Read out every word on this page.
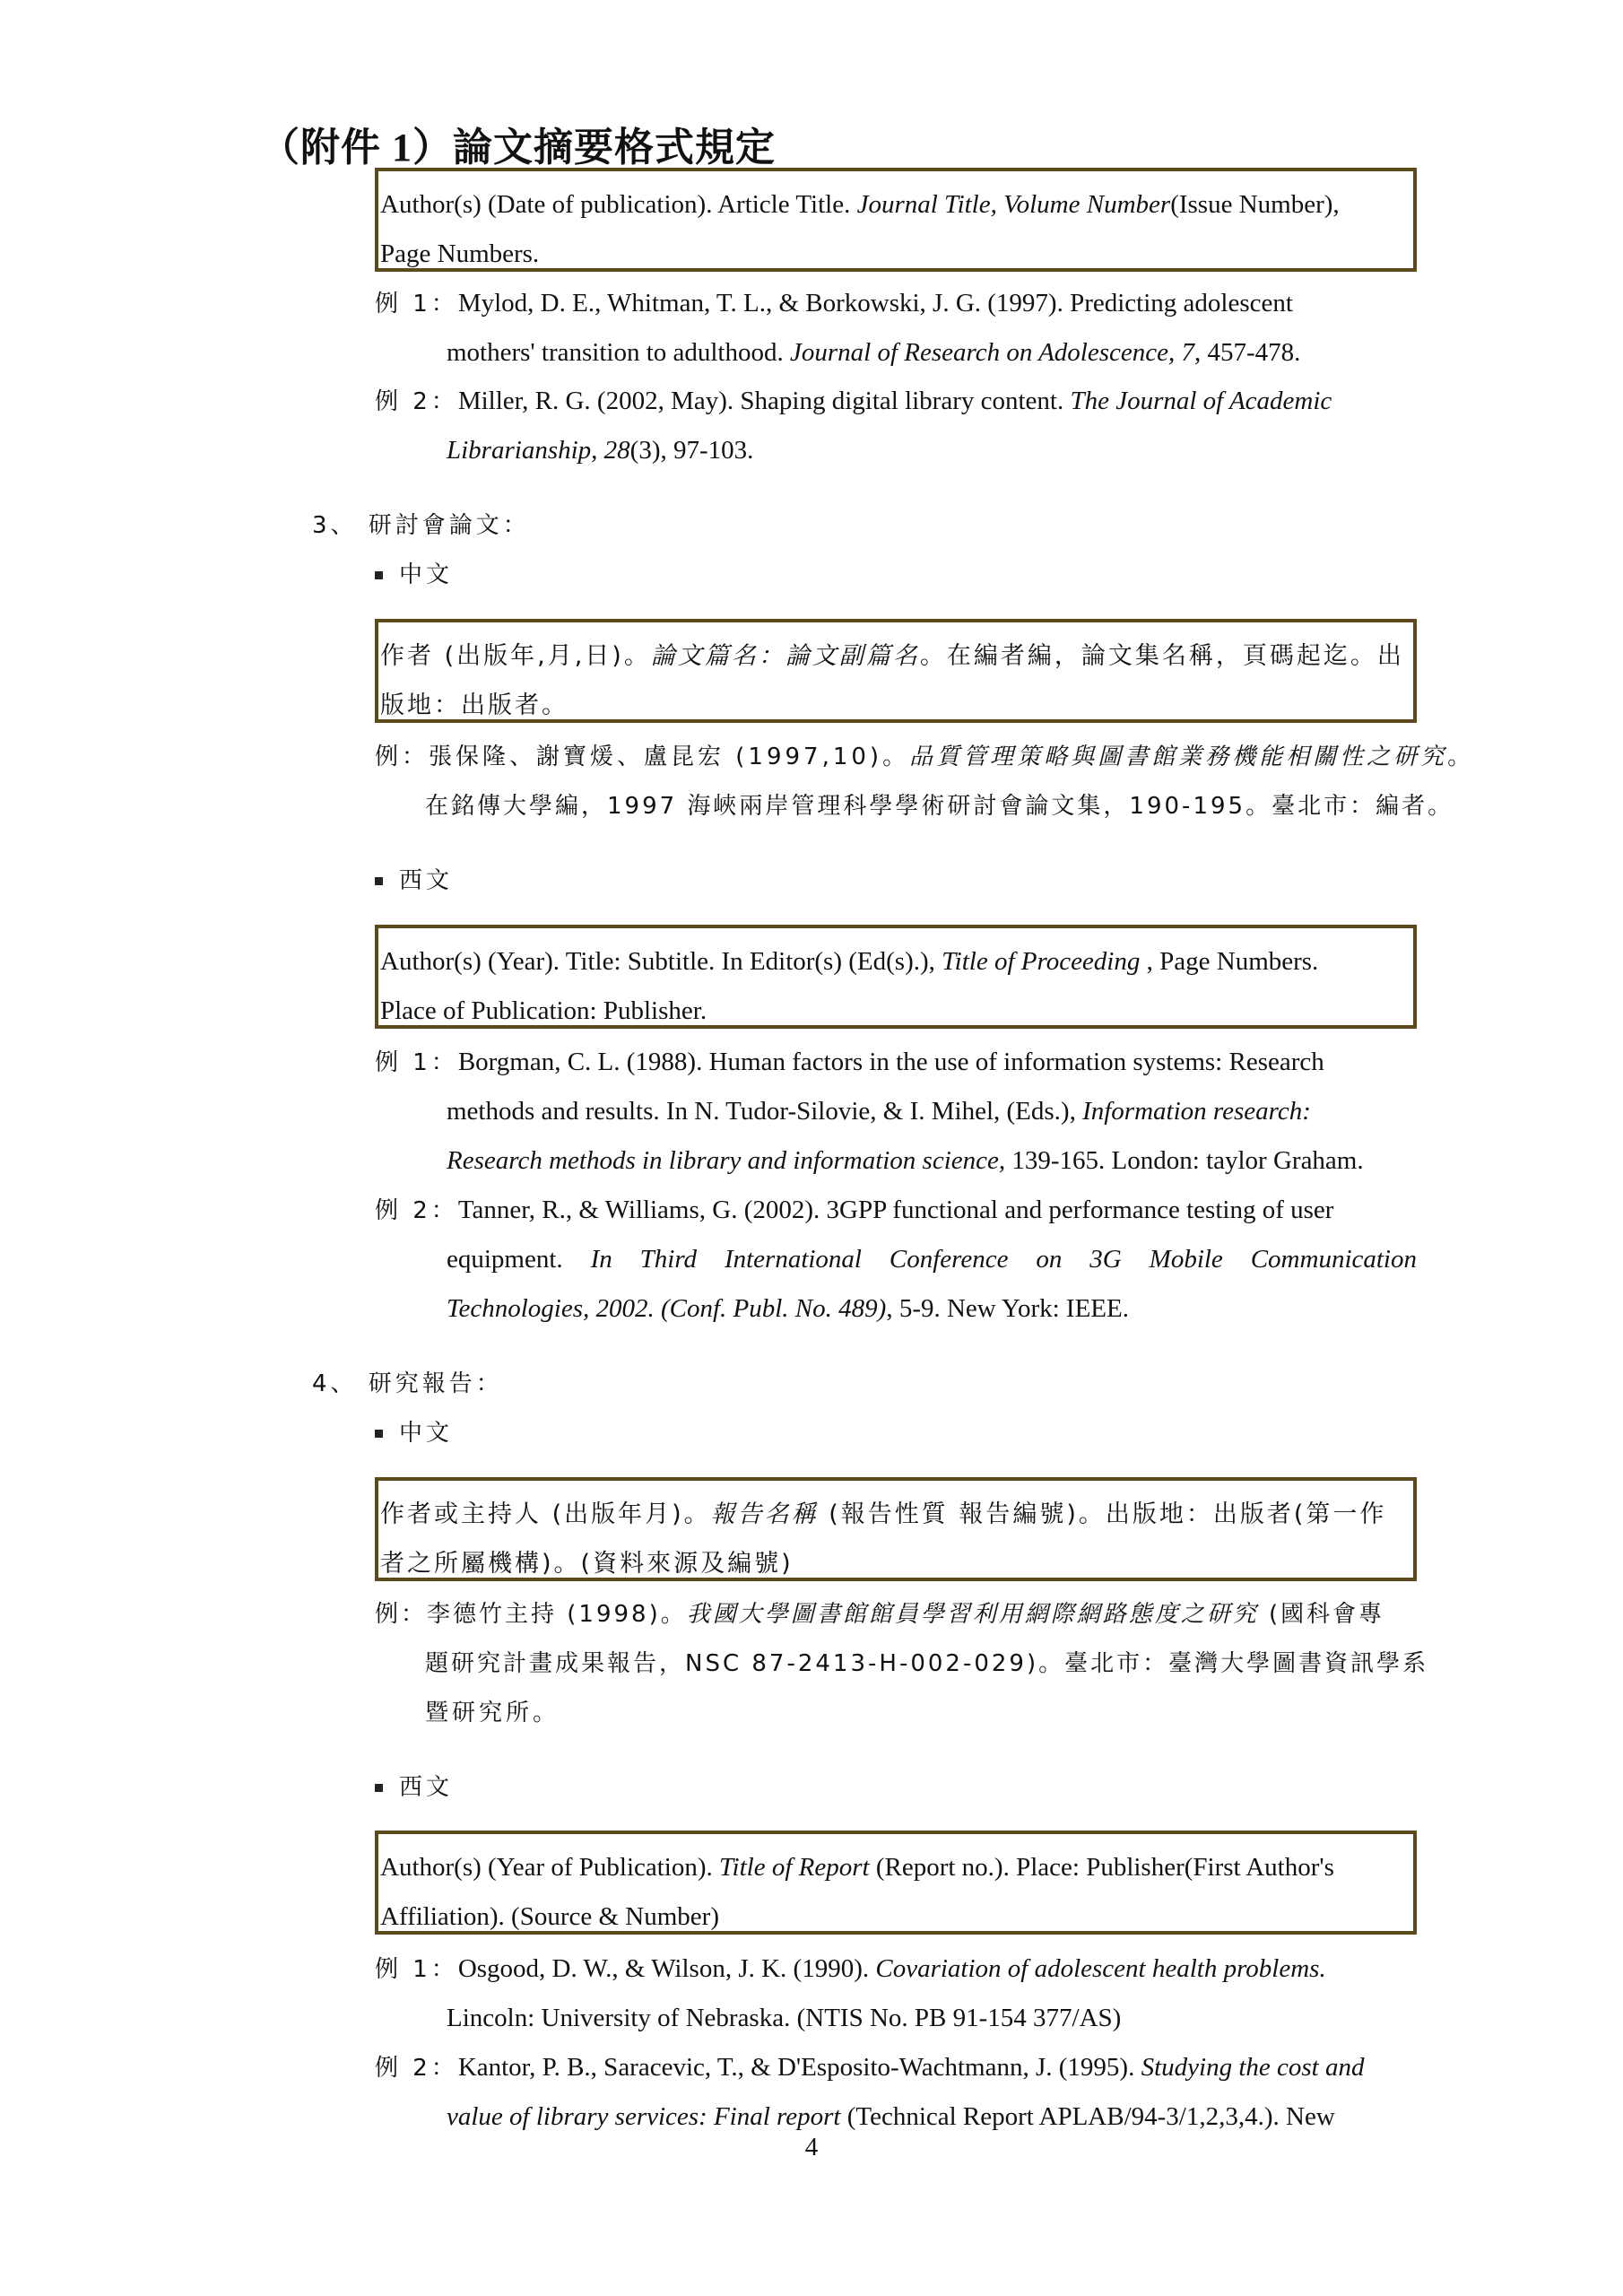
（附件 1）論文摘要格式規定
Author(s) (Date of publication). Article Title. Journal Title, Volume Number(Issue Number),
Page Numbers.
例 1：Mylod, D. E., Whitman, T. L., & Borkowski, J. G. (1997). Predicting adolescent
mothers' transition to adulthood. Journal of Research on Adolescence, 7, 457-478.
例 2：Miller, R. G. (2002, May). Shaping digital library content. The Journal of Academic
Librarianship, 28(3), 97-103.
3、 研討會論文：
中文
作者 (出版年,月,日)。論文篇名：論文副篇名。在編者編，論文集名稱，頁碼起迄。出
版地：出版者。
例：張保隆、謝寶煖、盧昆宏 (1997,10)。品質管理策略與圖書館業務機能相關性之研究。
在銘傳大學編，1997 海峽兩岸管理科學學術研討會論文集，190-195。臺北市：編者。
西文
Author(s) (Year). Title: Subtitle. In Editor(s) (Ed(s).), Title of Proceeding , Page Numbers.
Place of Publication: Publisher.
例 1：Borgman, C. L. (1988). Human factors in the use of information systems: Research
methods and results. In N. Tudor-Silovie, & I. Mihel, (Eds.), Information research:
Research methods in library and information science, 139-165. London: taylor Graham.
例 2：Tanner, R., & Williams, G. (2002). 3GPP functional and performance testing of user
equipment. In Third International Conference on 3G Mobile Communication
Technologies, 2002. (Conf. Publ. No. 489), 5-9. New York: IEEE.
4、 研究報告：
中文
作者或主持人 (出版年月)。報告名稱 (報告性質 報告編號)。出版地：出版者(第一作
者之所屬機構)。(資料來源及編號)
例：李德竹主持 (1998)。我國大學圖書館館員學習利用網際網路態度之研究 (國科會專
題研究計畫成果報告，NSC 87-2413-H-002-029)。臺北市：臺灣大學圖書資訊學系
暨研究所。
西文
Author(s) (Year of Publication). Title of Report (Report no.). Place: Publisher(First Author's
Affiliation). (Source & Number)
例 1：Osgood, D. W., & Wilson, J. K. (1990). Covariation of adolescent health problems.
Lincoln: University of Nebraska. (NTIS No. PB 91-154 377/AS)
例 2：Kantor, P. B., Saracevic, T., & D'Esposito-Wachtmann, J. (1995). Studying the cost and
value of library services: Final report (Technical Report APLAB/94-3/1,2,3,4.). New
4
